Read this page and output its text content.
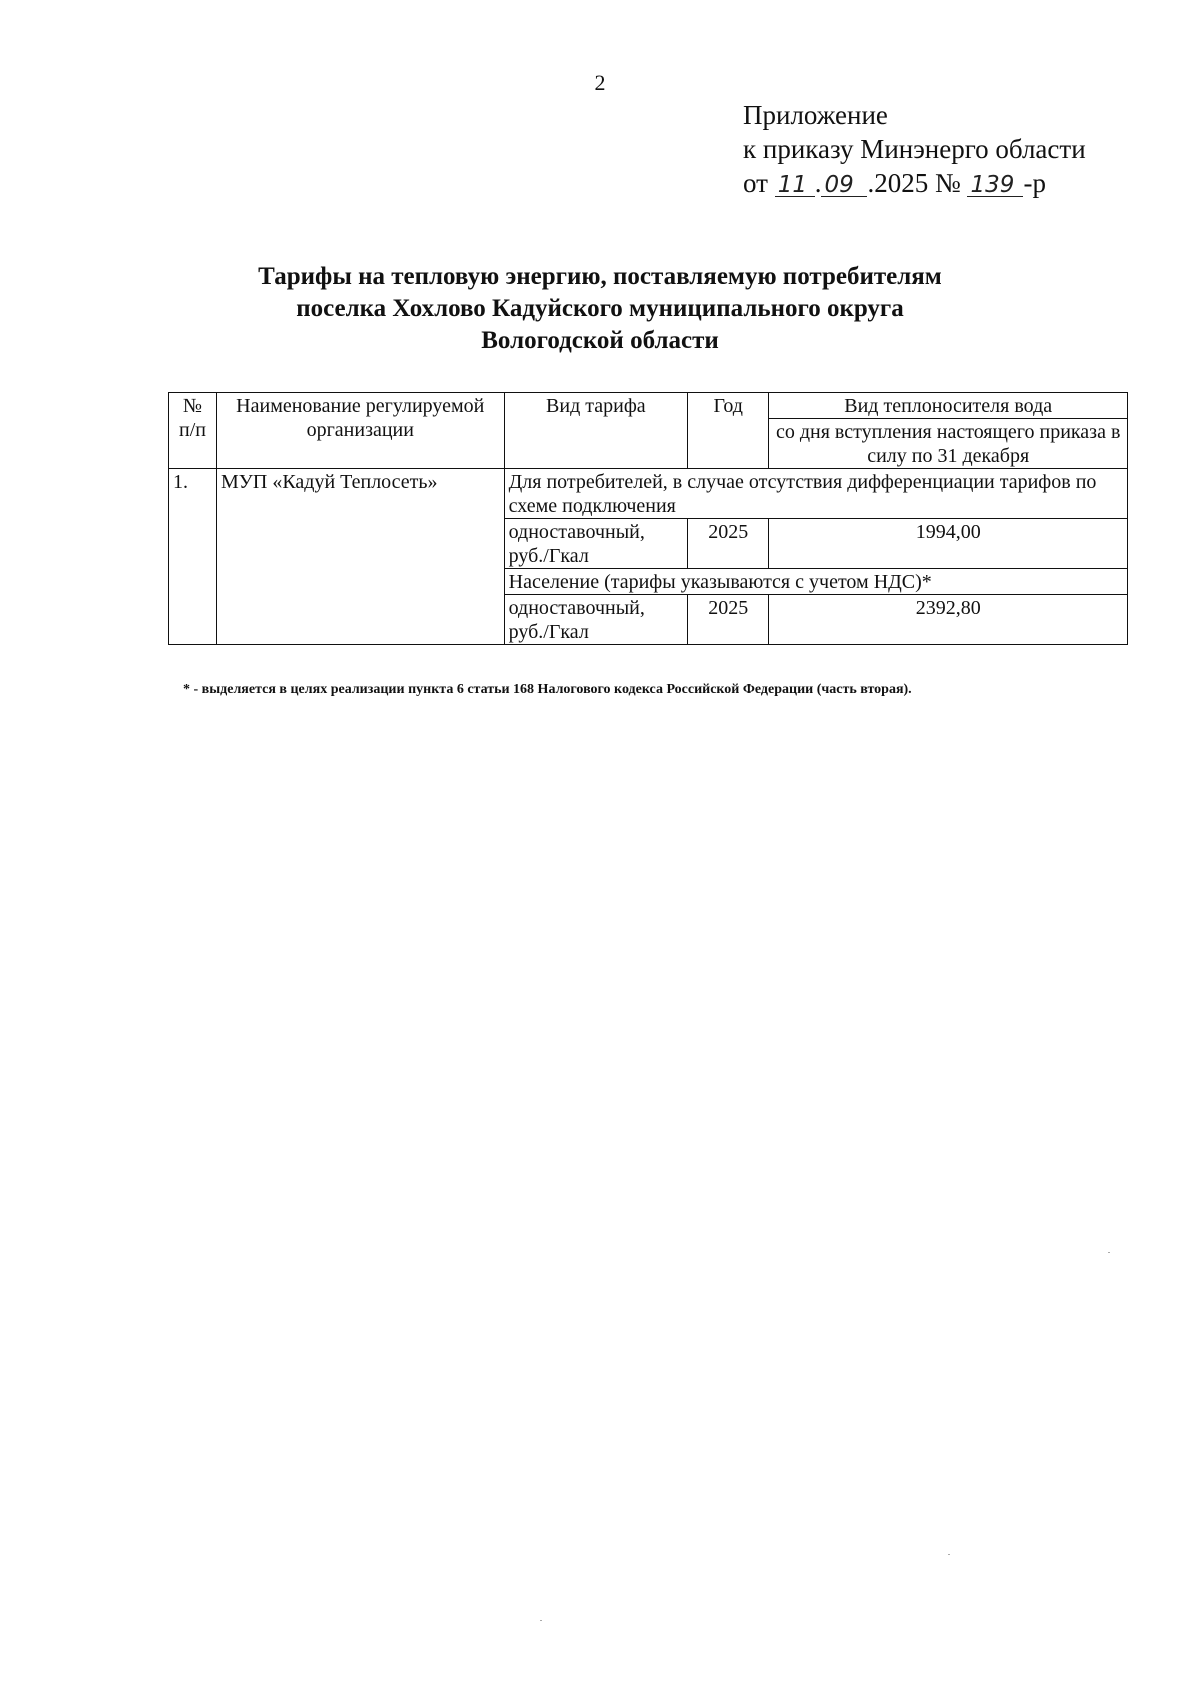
2
Приложение
к приказу Минэнерго области
от 11 . 09 .2025 № 139 -р
Тарифы на тепловую энергию, поставляемую потребителям
поселка Хохлово Кадуйского муниципального округа
Вологодской области
№ п/п	Наименование регулируемой организации	Вид тарифа	Год	Вид теплоносителя вода
				со дня вступления настоящего приказа в силу по 31 декабря
1.	МУП «Кадуй Теплосеть»	Для потребителей, в случае отсутствия дифференциации тарифов по схеме подключения		
		одноставочный, руб./Гкал	2025	1994,00
		Население (тарифы указываются с учетом НДС)*		
		одноставочный, руб./Гкал	2025	2392,80
* - выделяется в целях реализации пункта 6 статьи 168 Налогового кодекса Российской Федерации (часть вторая).
